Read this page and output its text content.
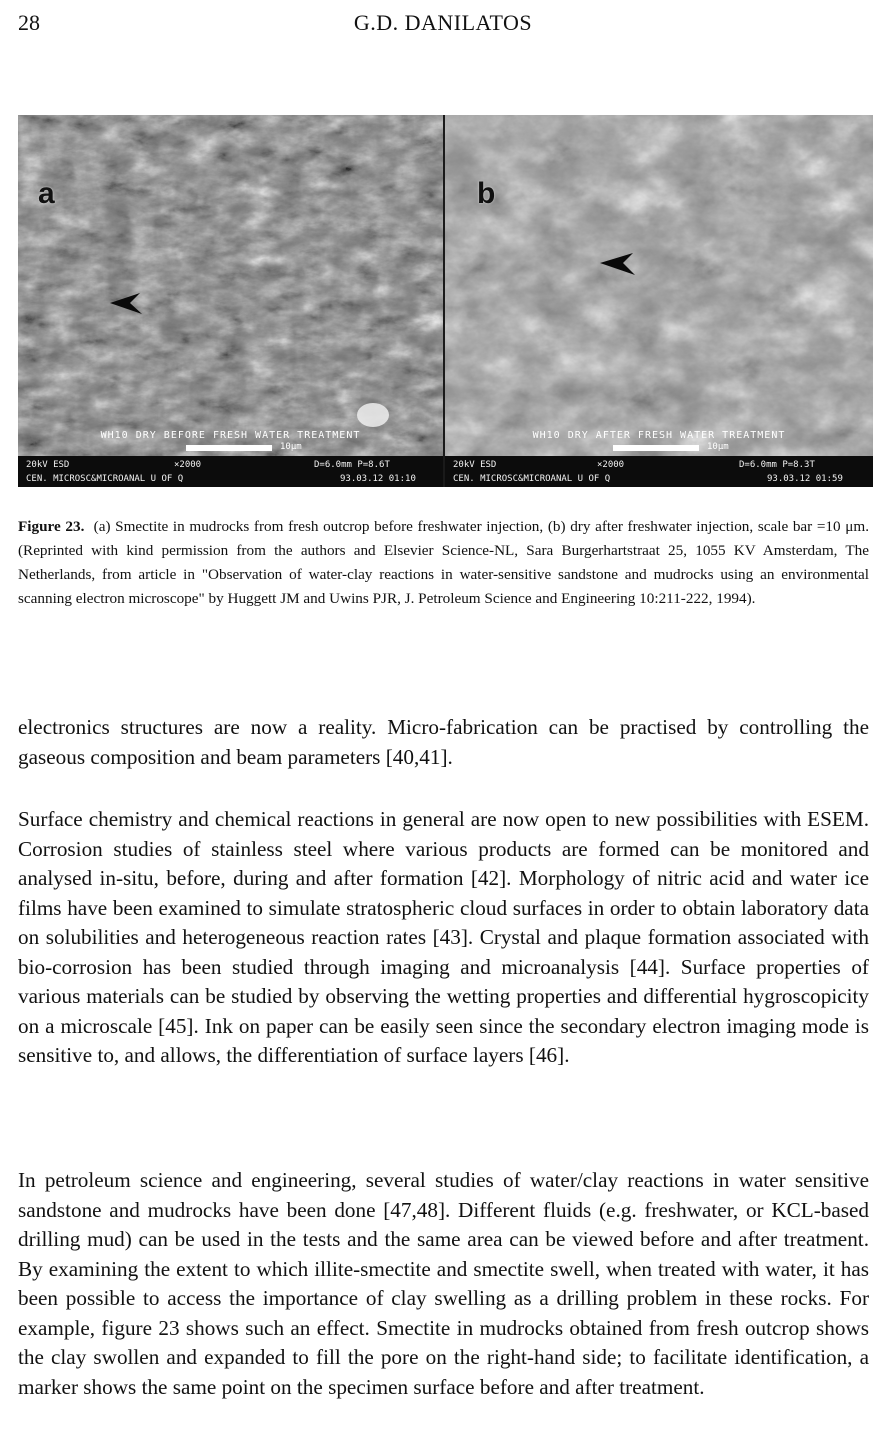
28	G.D. DANILATOS
a
WH10 DRY BEFORE FRESH WATER TREATMENT
10μm
20kV ESD	×2000	D=6.0mm P=8.6T
CEN. MICROSC&MICROANAL U OF Q	93.03.12 01:10
b
WH10 DRY AFTER FRESH WATER TREATMENT
10μm
20kV ESD	×2000	D=6.0mm P=8.3T
CEN. MICROSC&MICROANAL U OF Q	93.03.12 01:59
Figure 23. (a) Smectite in mudrocks from fresh outcrop before freshwater injection, (b) dry after freshwater injection, scale bar =10 μm. (Reprinted with kind permission from the authors and Elsevier Science-NL, Sara Burgerhartstraat 25, 1055 KV Amsterdam, The Netherlands, from article in "Observation of water-clay reactions in water-sensitive sandstone and mudrocks using an environmental scanning electron microscope" by Huggett JM and Uwins PJR, J. Petroleum Science and Engineering 10:211-222, 1994).

electronics structures are now a reality. Micro-fabrication can be practised by controlling the gaseous composition and beam parameters [40,41].

Surface chemistry and chemical reactions in general are now open to new possibilities with ESEM. Corrosion studies of stainless steel where various products are formed can be monitored and analysed in-situ, before, during and after formation [42]. Morphology of nitric acid and water ice films have been examined to simulate stratospheric cloud surfaces in order to obtain laboratory data on solubilities and heterogeneous reaction rates [43]. Crystal and plaque formation associated with bio-corrosion has been studied through imaging and microanalysis [44]. Surface properties of various materials can be studied by observing the wetting properties and differential hygroscopicity on a microscale [45]. Ink on paper can be easily seen since the secondary electron imaging mode is sensitive to, and allows, the differentiation of surface layers [46].

In petroleum science and engineering, several studies of water/clay reactions in water sensitive sandstone and mudrocks have been done [47,48]. Different fluids (e.g. freshwater, or KCL-based drilling mud) can be used in the tests and the same area can be viewed before and after treatment. By examining the extent to which illite-smectite and smectite swell, when treated with water, it has been possible to access the importance of clay swelling as a drilling problem in these rocks. For example, figure 23 shows such an effect. Smectite in mudrocks obtained from fresh outcrop shows the clay swollen and expanded to fill the pore on the right-hand side; to facilitate identification, a marker shows the same point on the specimen surface before and after treatment.
